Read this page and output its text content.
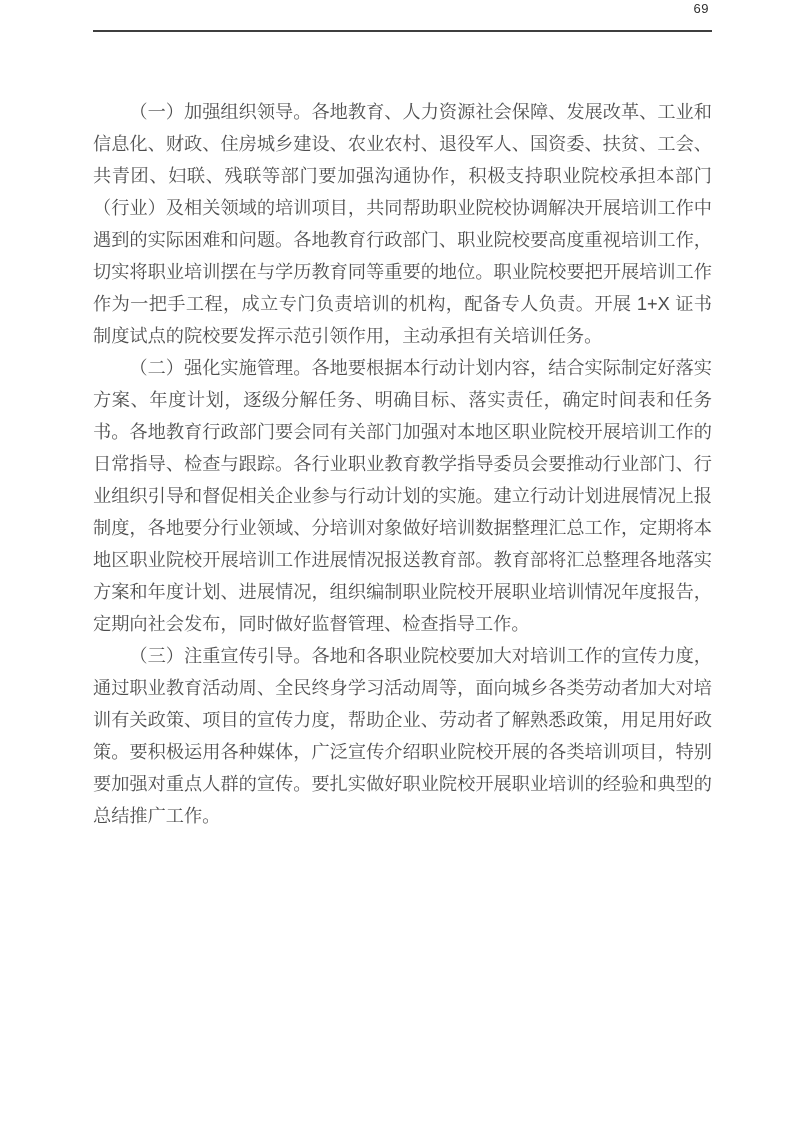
69

（一）加强组织领导。各地教育、人力资源社会保障、发展改革、工业和信息化、财政、住房城乡建设、农业农村、退役军人、国资委、扶贫、工会、共青团、妇联、残联等部门要加强沟通协作，积极支持职业院校承担本部门（行业）及相关领域的培训项目，共同帮助职业院校协调解决开展培训工作中遇到的实际困难和问题。各地教育行政部门、职业院校要高度重视培训工作，切实将职业培训摆在与学历教育同等重要的地位。职业院校要把开展培训工作作为一把手工程，成立专门负责培训的机构，配备专人负责。开展 1+X 证书制度试点的院校要发挥示范引领作用，主动承担有关培训任务。

（二）强化实施管理。各地要根据本行动计划内容，结合实际制定好落实方案、年度计划，逐级分解任务、明确目标、落实责任，确定时间表和任务书。各地教育行政部门要会同有关部门加强对本地区职业院校开展培训工作的日常指导、检查与跟踪。各行业职业教育教学指导委员会要推动行业部门、行业组织引导和督促相关企业参与行动计划的实施。建立行动计划进展情况上报制度，各地要分行业领域、分培训对象做好培训数据整理汇总工作，定期将本地区职业院校开展培训工作进展情况报送教育部。教育部将汇总整理各地落实方案和年度计划、进展情况，组织编制职业院校开展职业培训情况年度报告，定期向社会发布，同时做好监督管理、检查指导工作。

（三）注重宣传引导。各地和各职业院校要加大对培训工作的宣传力度，通过职业教育活动周、全民终身学习活动周等，面向城乡各类劳动者加大对培训有关政策、项目的宣传力度，帮助企业、劳动者了解熟悉政策，用足用好政策。要积极运用各种媒体，广泛宣传介绍职业院校开展的各类培训项目，特别要加强对重点人群的宣传。要扎实做好职业院校开展职业培训的经验和典型的总结推广工作。
